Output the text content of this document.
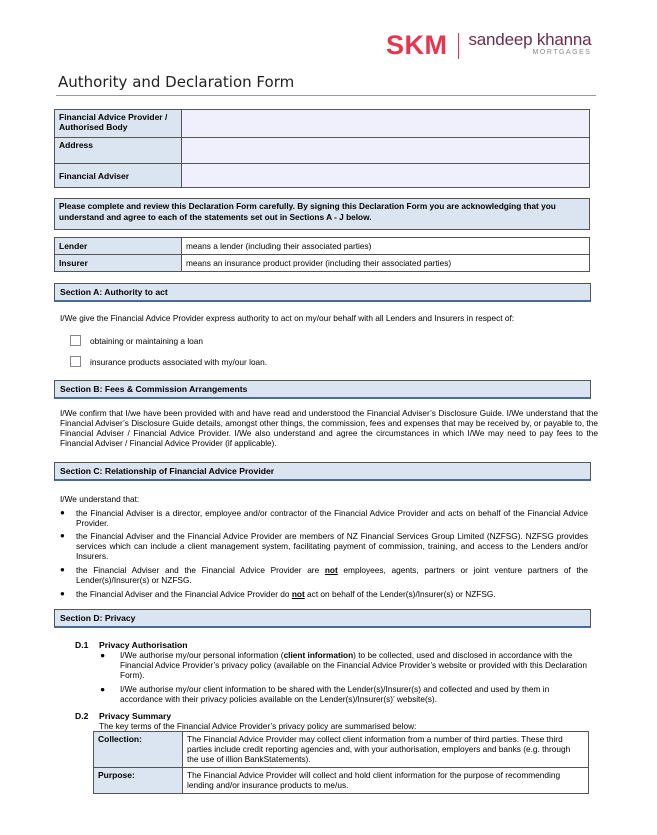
SKM sandeep khanna
MORTGAGES
Authority and Declaration Form
Financial Advice Provider / Authorised Body	
Address	
Financial Adviser	
Please complete and review this Declaration Form carefully. By signing this Declaration Form you are acknowledging that you understand and agree to each of the statements set out in Sections A - J below.
Lender	means a lender (including their associated parties)
Insurer	means an insurance product provider (including their associated parties)
Section A: Authority to act
I/We give the Financial Advice Provider express authority to act on my/our behalf with all Lenders and Insurers in respect of:
obtaining or maintaining a loan
insurance products associated with my/our loan.
Section B: Fees & Commission Arrangements
I/We confirm that I/we have been provided with and have read and understood the Financial Adviser’s Disclosure Guide. I/We understand that the Financial Adviser’s Disclosure Guide details, amongst other things, the commission, fees and expenses that may be received by, or payable to, the Financial Adviser / Financial Advice Provider. I/We also understand and agree the circumstances in which I/We may need to pay fees to the Financial Adviser / Financial Advice Provider (if applicable).
Section C: Relationship of Financial Advice Provider
I/We understand that:
●	the Financial Adviser is a director, employee and/or contractor of the Financial Advice Provider and acts on behalf of the Financial Advice Provider.
●	the Financial Adviser and the Financial Advice Provider are members of NZ Financial Services Group Limited (NZFSG). NZFSG provides services which can include a client management system, facilitating payment of commission, training, and access to the Lenders and/or Insurers.
●	the Financial Adviser and the Financial Advice Provider are not employees, agents, partners or joint venture partners of the Lender(s)/Insurer(s) or NZFSG.
●	the Financial Adviser and the Financial Advice Provider do not act on behalf of the Lender(s)/Insurer(s) or NZFSG.
Section D: Privacy
D.1 Privacy Authorisation
●	I/We authorise my/our personal information (client information) to be collected, used and disclosed in accordance with the Financial Advice Provider’s privacy policy (available on the Financial Advice Provider’s website or provided with this Declaration Form).
●	I/We authorise my/our client information to be shared with the Lender(s)/Insurer(s) and collected and used by them in accordance with their privacy policies available on the Lender(s)/Insurer(s)’ website(s).
D.2 Privacy Summary
The key terms of the Financial Advice Provider’s privacy policy are summarised below:
Collection:	The Financial Advice Provider may collect client information from a number of third parties. These third parties include credit reporting agencies and, with your authorisation, employers and banks (e.g. through the use of illion BankStatements).
Purpose:	The Financial Advice Provider will collect and hold client information for the purpose of recommending lending and/or insurance products to me/us.
